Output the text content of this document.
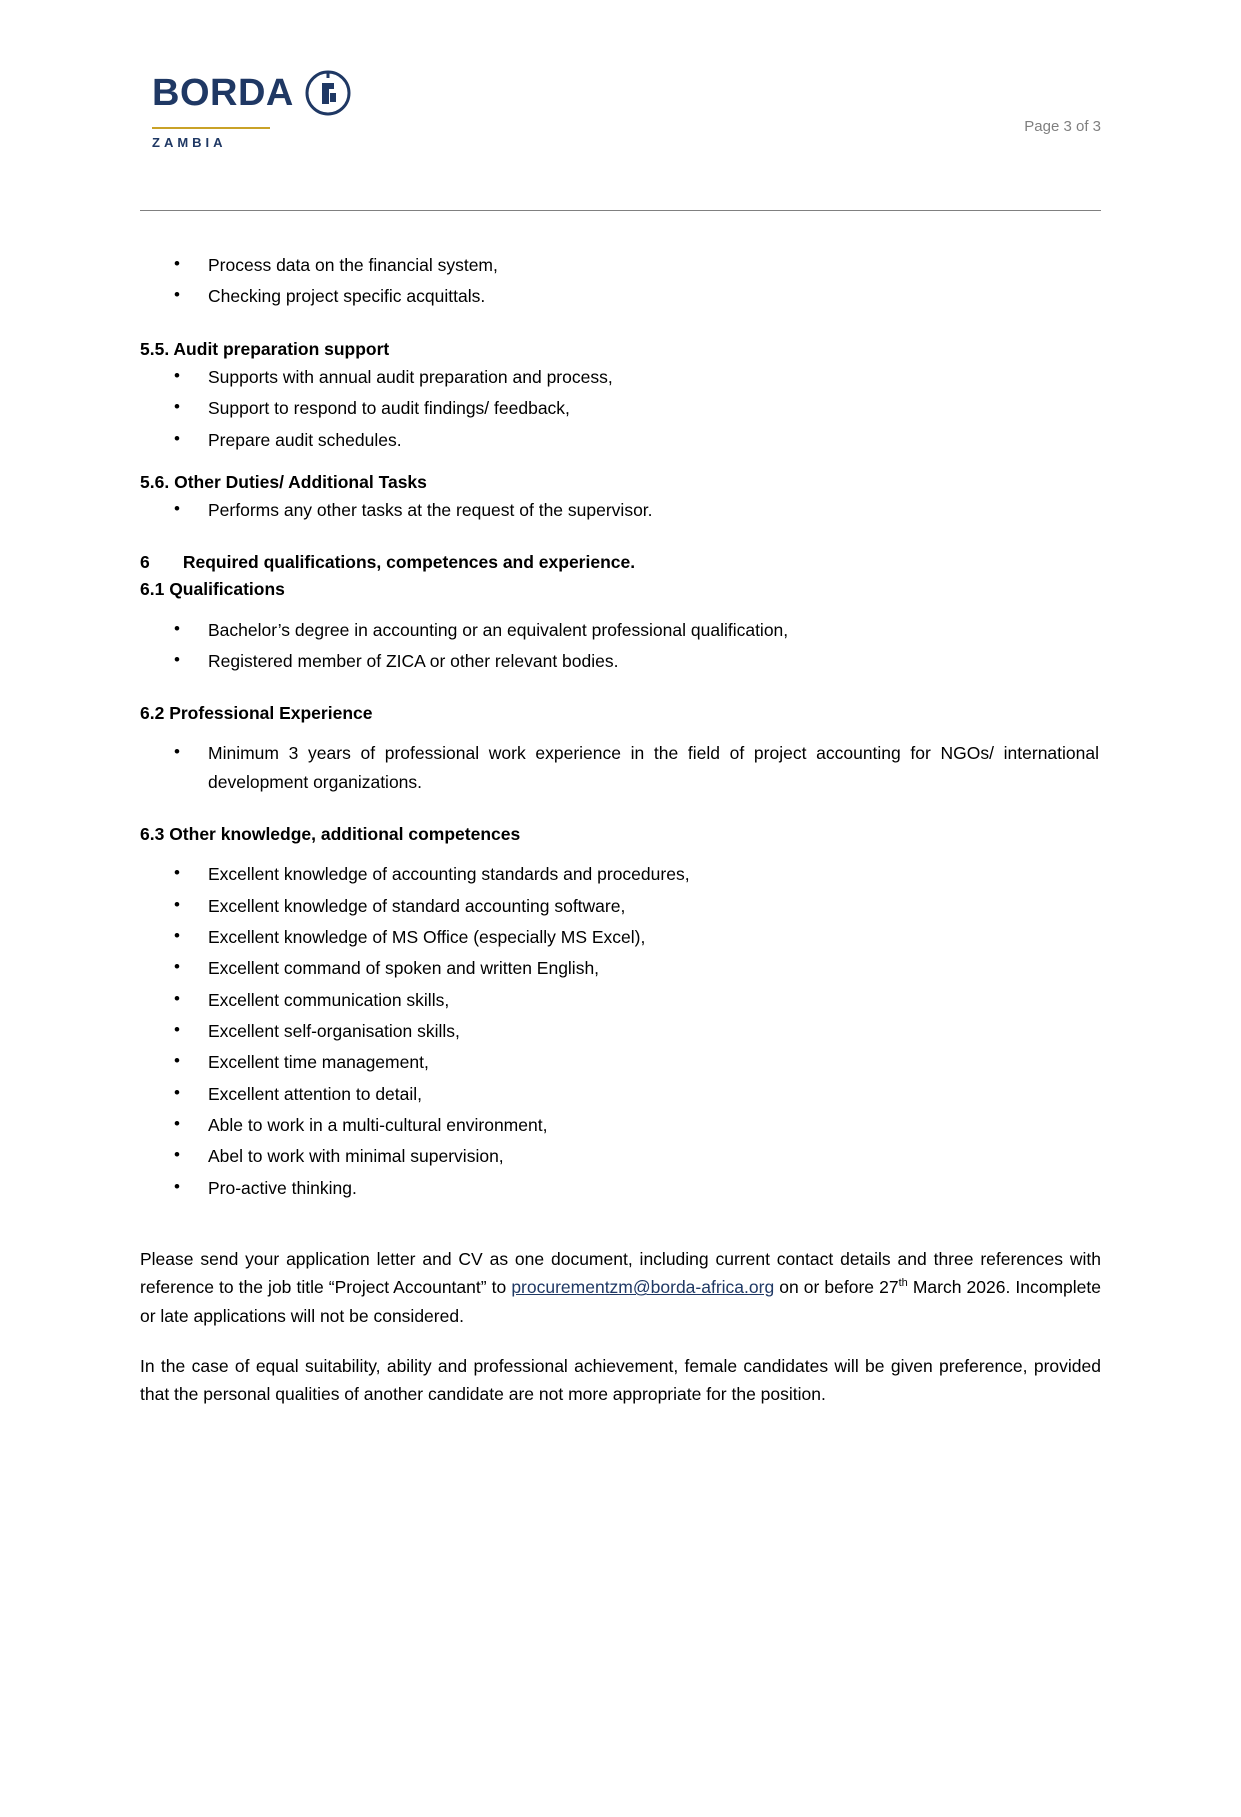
BORDA
ZAMBIA
Page 3 of 3
• Process data on the financial system,
• Checking project specific acquittals.
5.5. Audit preparation support
• Supports with annual audit preparation and process,
• Support to respond to audit findings/ feedback,
• Prepare audit schedules.
5.6. Other Duties/ Additional Tasks
• Performs any other tasks at the request of the supervisor.
6 Required qualifications, competences and experience.
6.1 Qualifications
• Bachelor’s degree in accounting or an equivalent professional qualification,
• Registered member of ZICA or other relevant bodies.
6.2 Professional Experience
• Minimum 3 years of professional work experience in the field of project accounting for NGOs/ international development organizations.
6.3 Other knowledge, additional competences
• Excellent knowledge of accounting standards and procedures,
• Excellent knowledge of standard accounting software,
• Excellent knowledge of MS Office (especially MS Excel),
• Excellent command of spoken and written English,
• Excellent communication skills,
• Excellent self-organisation skills,
• Excellent time management,
• Excellent attention to detail,
• Able to work in a multi-cultural environment,
• Abel to work with minimal supervision,
• Pro-active thinking.

Please send your application letter and CV as one document, including current contact details and three references with reference to the job title “Project Accountant” to procurementzm@borda-africa.org on or before 27th March 2026. Incomplete or late applications will not be considered.

In the case of equal suitability, ability and professional achievement, female candidates will be given preference, provided that the personal qualities of another candidate are not more appropriate for the position.
